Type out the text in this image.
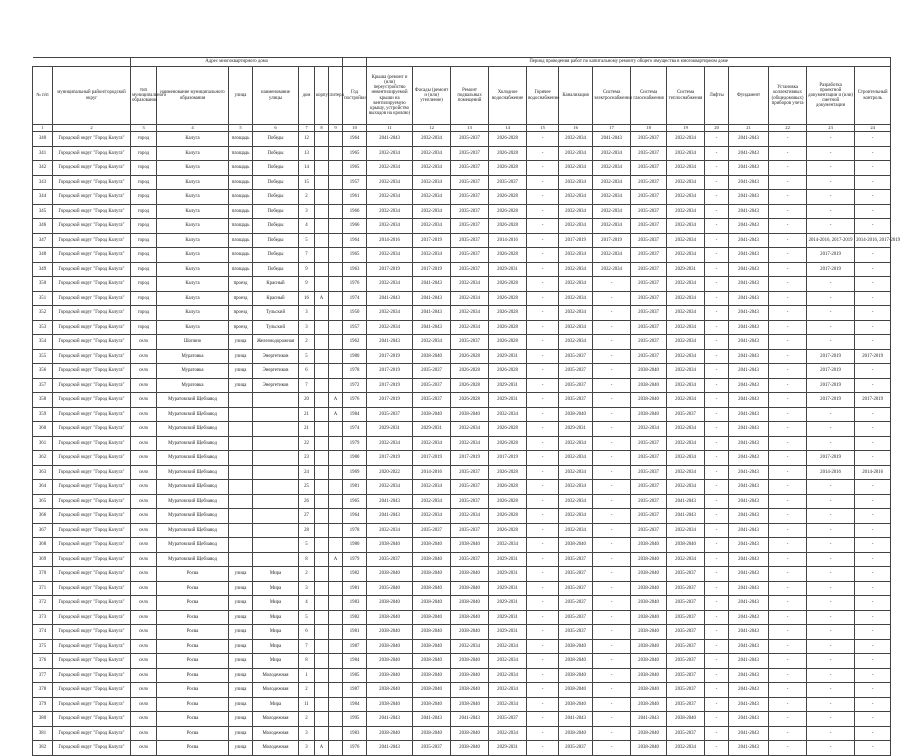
		Адрес многоквартирного дома								Период проведения работ по капитальному ремонту общего имущества в многоквартирном доме													
№ п/п	муниципальный район/городской округ	тип муниципального образования	наименование муниципального образования	улица	наименование улицы	дом	корпус	литера	Год постройки	Крыша (ремонт и (или) переустройство невентилируемой крыши на вентилируемую крышу, устройство выходов на кровлю)	Фасады (ремонт и (или) утепление)	Ремонт подвальных помещений	Холодное водоснабжение	Горячее водоснабжение	Канализация	Система электроснабжения	Система газоснабжения	Система теплоснабжения	Лифты	Фундамент	Установка коллективных (общедомовых) приборов учета	Разработка проектной документации и (или) сметной документации	Строительный контроль
1	2	3	4	5	6	7	8	9	10	11	12	13	14	15	16	17	18	19	20	21	22	23	24
340	Городской округ "Город Калуга"	город	Калуга	площадь	Победы	12			1964	2041-2043	2032-2034	2035-2037	2026-2028	-	2032-2034	2041-2043	2035-2037	2032-2034	-	2041-2043	-	-	-
341	Городской округ "Город Калуга"	город	Калуга	площадь	Победы	13			1965	2032-2034	2032-2034	2035-2037	2026-2028	-	2032-2034	2032-2034	2035-2037	2032-2034	-	2041-2043	-	-	-
342	Городской округ "Город Калуга"	город	Калуга	площадь	Победы	14			1965	2032-2034	2032-2034	2035-2037	2026-2028	-	2032-2034	2032-2034	2035-2037	2032-2034	-	2041-2043	-	-	-
343	Городской округ "Город Калуга"	город	Калуга	площадь	Победы	15			1957	2032-2034	2032-2034	2035-2037	2035-2037	-	2032-2034	2032-2034	2035-2037	2032-2034	-	2041-2043	-	-	-
344	Городской округ "Город Калуга"	город	Калуга	площадь	Победы	2			1961	2032-2034	2032-2034	2035-2037	2026-2028	-	2032-2034	2032-2034	2035-2037	2032-2034	-	2041-2043	-	-	-
345	Городской округ "Город Калуга"	город	Калуга	площадь	Победы	3			1966	2032-2034	2032-2034	2035-2037	2026-2028	-	2032-2034	2032-2034	2035-2037	2032-2034	-	2041-2043	-	-	-
346	Городской округ "Город Калуга"	город	Калуга	площадь	Победы	4			1966	2032-2034	2032-2034	2035-2037	2026-2028	-	2032-2034	2032-2034	2035-2037	2032-2034	-	2041-2043	-	-	-
347	Городской округ "Город Калуга"	город	Калуга	площадь	Победы	5			1964	2014-2016	2017-2019	2035-2037	2014-2016	-	2017-2019	2017-2019	2035-2037	2032-2034	-	2041-2043	-	2014-2016, 2017-2019	2014-2016, 2017-2019
348	Городской округ "Город Калуга"	город	Калуга	площадь	Победы	7			1965	2032-2034	2032-2034	2035-2037	2026-2028	-	2032-2034	2032-2034	2035-2037	2032-2034	-	2041-2043	-	2017-2019	-
349	Городской округ "Город Калуга"	город	Калуга	площадь	Победы	9			1963	2017-2019	2017-2019	2035-2037	2029-2031	-	2032-2034	2032-2034	2035-2037	2029-2031	-	2041-2043	-	2017-2019	-
350	Городской округ "Город Калуга"	город	Калуга	проезд	Красный	9			1976	2032-2034	2041-2043	2032-2034	2026-2028	-	2032-2034	-	2035-2037	2032-2034	-	2041-2043	-	-	-
351	Городской округ "Город Калуга"	город	Калуга	проезд	Красный	16	А		1974	2041-2043	2041-2043	2032-2034	2026-2028	-	2032-2034	-	2035-2037	2032-2034	-	2041-2043	-	-	-
352	Городской округ "Город Калуга"	город	Калуга	проезд	Тульский	3			1950	2032-2034	2041-2043	2032-2034	2026-2028	-	2032-2034	-	2035-2037	2032-2034	-	2041-2043	-	-	-
353	Городской округ "Город Калуга"	город	Калуга	проезд	Тульский	3			1957	2032-2034	2041-2043	2032-2034	2026-2028	-	2032-2034	-	2035-2037	2032-2034	-	2041-2043	-	-	-
354	Городской округ "Город Калуга"	село	Шопино	улица	Железнодорожная	2			1962	2041-2043	2032-2034	2035-2037	2026-2028	-	2032-2034	-	2035-2037	2032-2034	-	2041-2043	-	-	-
355	Городской округ "Город Калуга"	село	Муратовка	улица	Энергетиков	5			1980	2017-2019	2038-2040	2026-2028	2029-2031	-	2035-2037	-	2035-2037	2032-2034	-	2041-2043	-	2017-2019	2017-2019
356	Городской округ "Город Калуга"	село	Муратовка	улица	Энергетиков	6			1978	2017-2019	2035-2037	2026-2028	2026-2028	-	2035-2037	-	2038-2040	2032-2034	-	2041-2043	-	2017-2019	-
357	Городской округ "Город Калуга"	село	Муратовка	улица	Энергетиков	7			1972	2017-2019	2035-2037	2026-2028	2029-2031	-	2035-2037	-	2038-2040	2032-2034	-	2041-2043	-	2017-2019	-
358	Городской округ "Город Калуга"	село	Муратовский Щебзавод			20		А	1976	2017-2019	2035-2037	2026-2028	2029-2031	-	2035-2037	-	2038-2040	2032-2034	-	2041-2043	-	2017-2019	2017-2019
359	Городской округ "Город Калуга"	село	Муратовский Щебзавод			21		А	1984	2035-2037	2038-2040	2038-2040	2032-2034	-	2038-2040	-	2038-2040	2035-2037	-	2041-2043	-	-	-
360	Городской округ "Город Калуга"	село	Муратовский Щебзавод			21			1974	2029-2031	2029-2031	2032-2034	2026-2028	-	2029-2031	-	2032-2034	2032-2034	-	2041-2043	-	-	-
361	Городской округ "Город Калуга"	село	Муратовский Щебзавод			22			1979	2032-2034	2032-2034	2032-2034	2026-2028	-	2032-2034	-	2035-2037	2032-2034	-	2041-2043	-	-	-
362	Городской округ "Город Калуга"	село	Муратовский Щебзавод			23			1980	2017-2019	2017-2019	2017-2019	2017-2019	-	2032-2034	-	2035-2037	2032-2034	-	2041-2043	-	2017-2019	-
363	Городской округ "Город Калуга"	село	Муратовский Щебзавод			24			1969	2020-2022	2014-2016	2035-2037	2026-2028	-	2032-2034	-	2035-2037	2032-2034	-	2041-2043	-	2014-2016	2014-2016
364	Городской округ "Город Калуга"	село	Муратовский Щебзавод			25			1981	2032-2034	2032-2034	2035-2037	2026-2028	-	2032-2034	-	2035-2037	2032-2034	-	2041-2043	-	-	-
365	Городской округ "Город Калуга"	село	Муратовский Щебзавод			26			1965	2041-2043	2032-2034	2035-2037	2026-2028	-	2032-2034	-	2035-2037	2041-2043	-	2041-2043	-	-	-
366	Городской округ "Город Калуга"	село	Муратовский Щебзавод			27			1964	2041-2043	2032-2034	2032-2034	2026-2028	-	2032-2034	-	2035-2037	2041-2043	-	2041-2043	-	-	-
367	Городской округ "Город Калуга"	село	Муратовский Щебзавод			28			1978	2032-2034	2035-2037	2035-2037	2026-2028	-	2032-2034	-	2035-2037	2032-2034	-	2041-2043	-	-	-
368	Городской округ "Город Калуга"	село	Муратовский Щебзавод			5			1980	2038-2040	2038-2040	2038-2040	2032-2034	-	2038-2040	-	2038-2040	2038-2040	-	2041-2043	-	-	-
369	Городской округ "Город Калуга"	село	Муратовский Щебзавод			8		А	1979	2035-2037	2038-2040	2035-2037	2029-2031	-	2035-2037	-	2038-2040	2032-2034	-	2041-2043	-	-	-
370	Городской округ "Город Калуга"	село	Росва	улица	Мира	2			1982	2038-2040	2038-2040	2038-2040	2029-2031	-	2035-2037	-	2038-2040	2035-2037	-	2041-2043	-	-	-
371	Городской округ "Город Калуга"	село	Росва	улица	Мира	3			1981	2035-2040	2038-2040	2038-2040	2029-2031	-	2035-2037	-	2038-2040	2035-2037	-	2041-2043	-	-	-
372	Городской округ "Город Калуга"	село	Росва	улица	Мира	4			1983	2038-2040	2038-2040	2038-2040	2029-2031	-	2035-2037	-	2038-2040	2035-2037	-	2041-2043	-	-	-
373	Городской округ "Город Калуга"	село	Росва	улица	Мира	5			1982	2038-2040	2038-2040	2038-2040	2029-2031	-	2035-2037	-	2038-2040	2035-2037	-	2041-2043	-	-	-
374	Городской округ "Город Калуга"	село	Росва	улица	Мира	6			1981	2038-2040	2038-2040	2038-2040	2029-2031	-	2035-2037	-	2038-2040	2035-2037	-	2041-2043	-	-	-
375	Городской округ "Город Калуга"	село	Росва	улица	Мира	7			1987	2038-2040	2038-2040	2032-2034	2032-2034	-	2038-2040	-	2038-2040	2035-2037	-	2041-2043	-	-	-
376	Городской округ "Город Калуга"	село	Росва	улица	Мира	8			1984	2038-2040	2038-2040	2038-2040	2032-2034	-	2038-2040	-	2038-2040	2035-2037	-	2041-2043	-	-	-
377	Городской округ "Город Калуга"	село	Росва	улица	Молодежная	1			1985	2038-2040	2038-2040	2038-2040	2032-2034	-	2038-2040	-	2038-2040	2035-2037	-	2041-2043	-	-	-
378	Городской округ "Город Калуга"	село	Росва	улица	Молодежная	2			1987	2038-2040	2038-2040	2038-2040	2032-2034	-	2038-2040	-	2038-2040	2035-2037	-	2041-2043	-	-	-
379	Городской округ "Город Калуга"	село	Росва	улица	Мира	11			1984	2038-2040	2038-2040	2038-2040	2032-2034	-	2038-2040	-	2038-2040	2035-2037	-	2041-2043	-	-	-
380	Городской округ "Город Калуга"	село	Росва	улица	Молодежная	2			1995	2041-2043	2041-2043	2041-2043	2035-2037	-	2041-2043	-	2041-2043	2038-2040	-	2041-2043	-	-	-
381	Городской округ "Город Калуга"	село	Росва	улица	Молодежная	3			1983	2038-2040	2038-2040	2038-2040	2032-2034	-	2038-2040	-	2038-2040	2035-2037	-	2041-2043	-	-	-
382	Городской округ "Город Калуга"	село	Росва	улица	Молодежная	3	А		1976	2041-2043	2035-2037	2038-2040	2029-2031	-	2035-2037	-	2038-2040	2032-2034	-	2041-2043	-	-	-
